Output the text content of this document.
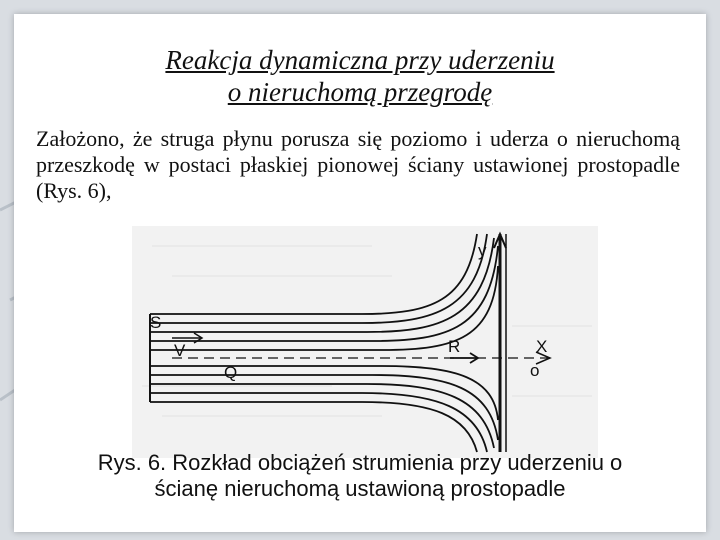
Reakcja dynamiczna przy uderzeniu
o nieruchomą przegrodę
Założono, że struga płynu porusza się poziomo i uderza o nieruchomą przeszkodę w postaci płaskiej pionowej ściany ustawionej prostopadle (Rys. 6),
S
V
Q
R	X
y
o
Rys. 6. Rozkład obciążeń strumienia przy uderzeniu o
ścianę nieruchomą ustawioną prostopadle
